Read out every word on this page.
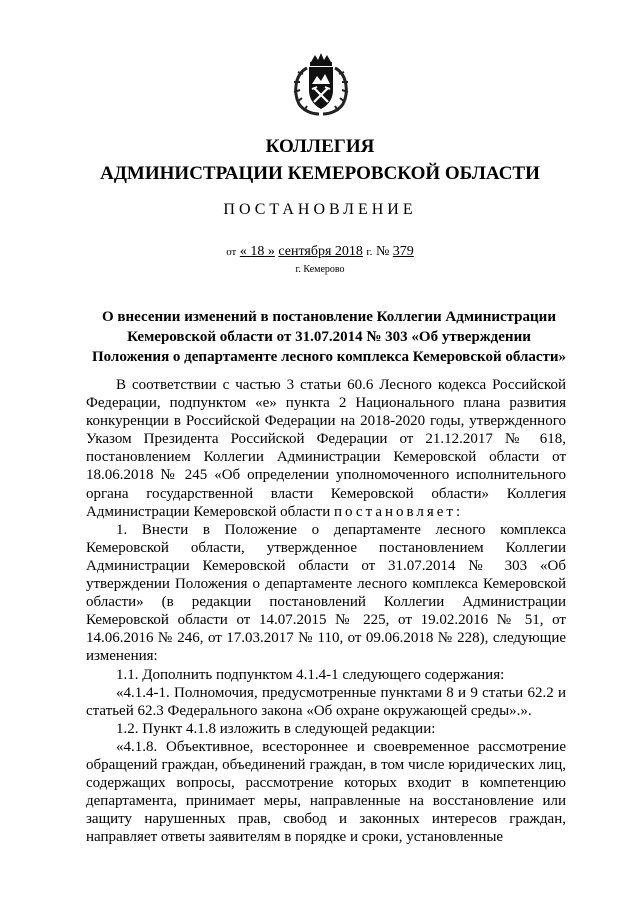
КОЛЛЕГИЯ
АДМИНИСТРАЦИИ КЕМЕРОВСКОЙ ОБЛАСТИ
ПОСТАНОВЛЕНИЕ
от « 18 » сентября 2018 г. № 379
г. Кемерово
О внесении изменений в постановление Коллегии Администрации
Кемеровской области от 31.07.2014 № 303 «Об утверждении
Положения о департаменте лесного комплекса Кемеровской области»

В соответствии с частью 3 статьи 60.6 Лесного кодекса Российской Федерации, подпунктом «е» пункта 2 Национального плана развития конкуренции в Российской Федерации на 2018-2020 годы, утвержденного Указом Президента Российской Федерации от 21.12.2017 № 618, постановлением Коллегии Администрации Кемеровской области от 18.06.2018 № 245 «Об определении уполномоченного исполнительного органа государственной власти Кемеровской области» Коллегия Администрации Кемеровской области постановляет:

1. Внести в Положение о департаменте лесного комплекса Кемеровской области, утвержденное постановлением Коллегии Администрации Кемеровской области от 31.07.2014 № 303 «Об утверждении Положения о департаменте лесного комплекса Кемеровской области» (в редакции постановлений Коллегии Администрации Кемеровской области от 14.07.2015 № 225, от 19.02.2016 № 51, от 14.06.2016 № 246, от 17.03.2017 № 110, от 09.06.2018 № 228), следующие изменения:

1.1. Дополнить подпунктом 4.1.4-1 следующего содержания:

«4.1.4-1. Полномочия, предусмотренные пунктами 8 и 9 статьи 62.2 и статьей 62.3 Федерального закона «Об охране окружающей среды».».

1.2. Пункт 4.1.8 изложить в следующей редакции:

«4.1.8. Объективное, всестороннее и своевременное рассмотрение обращений граждан, объединений граждан, в том числе юридических лиц, содержащих вопросы, рассмотрение которых входит в компетенцию департамента, принимает меры, направленные на восстановление или защиту нарушенных прав, свобод и законных интересов граждан, направляет ответы заявителям в порядке и сроки, установленные
